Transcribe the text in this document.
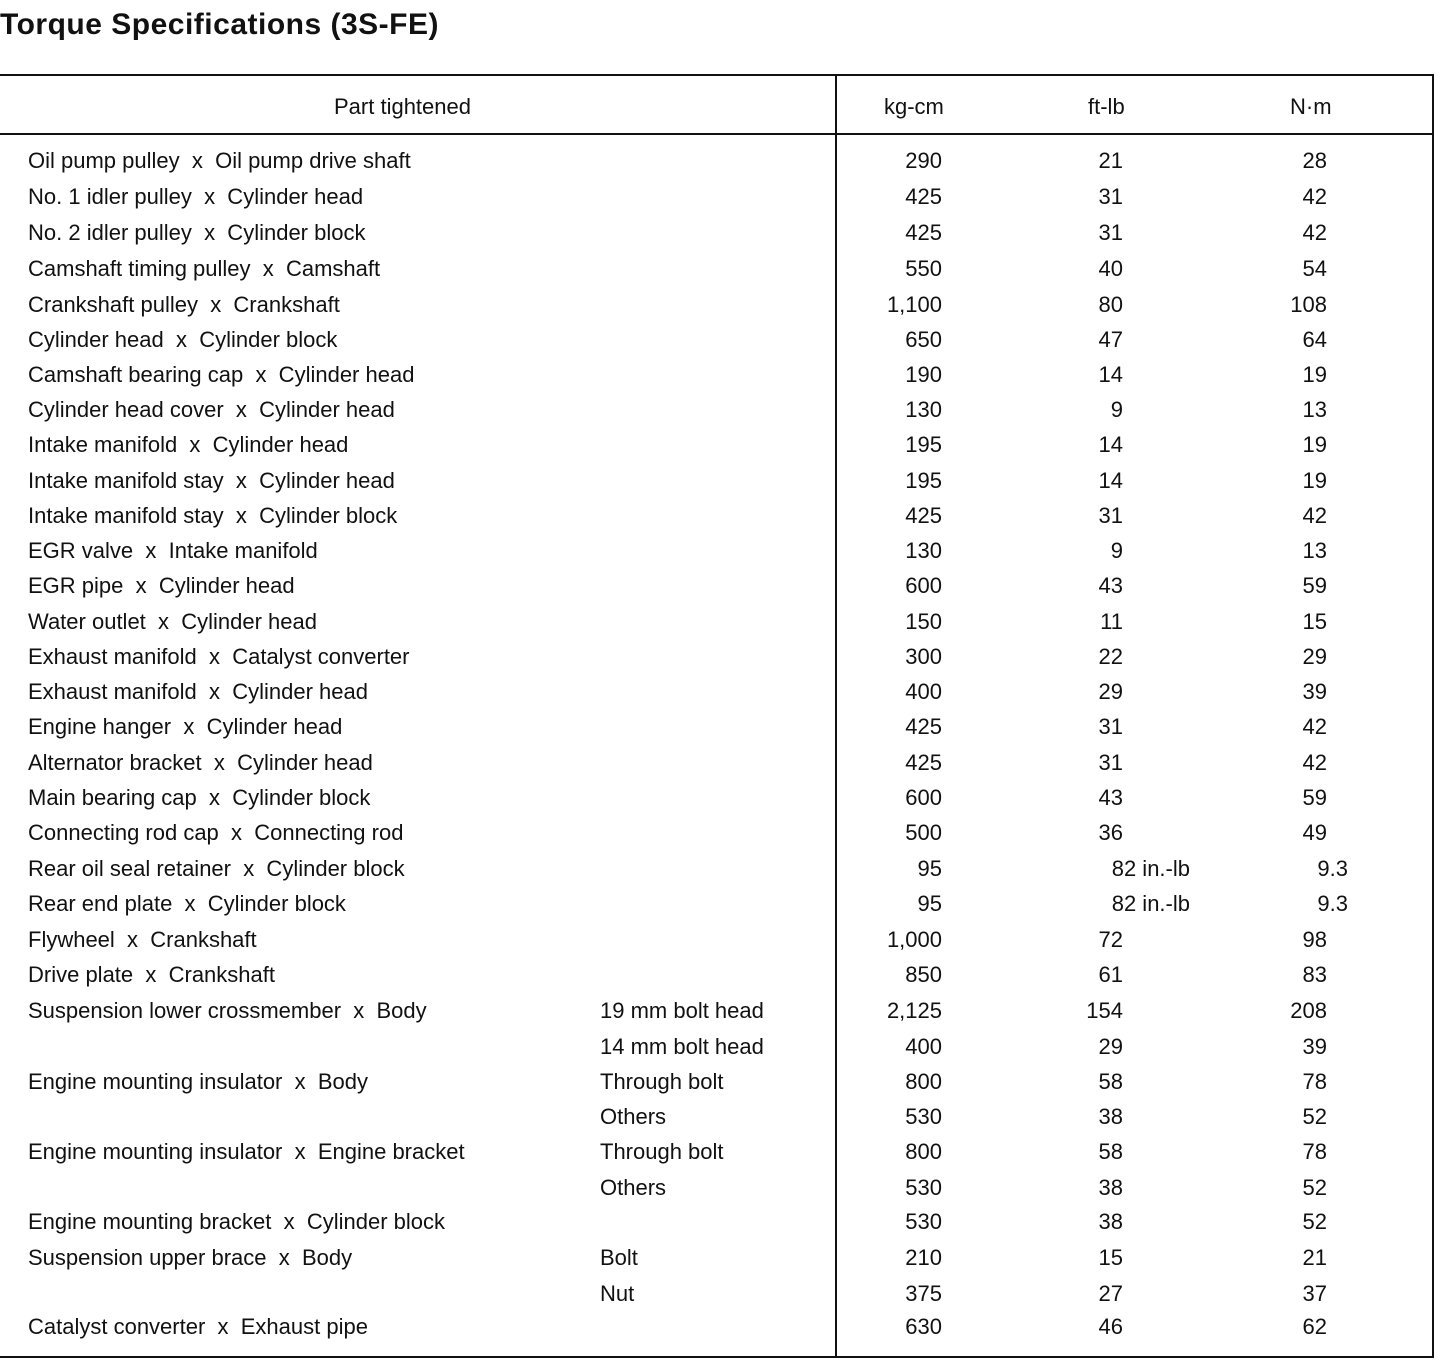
Torque Specifications (3S-FE)
Part tightened	kg-cm	ft-lb	N·m
Oil pump pulley  x  Oil pump drive shaft	290	21	28
No. 1 idler pulley  x  Cylinder head	425	31	42
No. 2 idler pulley  x  Cylinder block	425	31	42
Camshaft timing pulley  x  Camshaft	550	40	54
Crankshaft pulley  x  Crankshaft	1,100	80	108
Cylinder head  x  Cylinder block	650	47	64
Camshaft bearing cap  x  Cylinder head	190	14	19
Cylinder head cover  x  Cylinder head	130	9	13
Intake manifold  x  Cylinder head	195	14	19
Intake manifold stay  x  Cylinder head	195	14	19
Intake manifold stay  x  Cylinder block	425	31	42
EGR valve  x  Intake manifold	130	9	13
EGR pipe  x  Cylinder head	600	43	59
Water outlet  x  Cylinder head	150	11	15
Exhaust manifold  x  Catalyst converter	300	22	29
Exhaust manifold  x  Cylinder head	400	29	39
Engine hanger  x  Cylinder head	425	31	42
Alternator bracket  x  Cylinder head	425	31	42
Main bearing cap  x  Cylinder block	600	43	59
Connecting rod cap  x  Connecting rod	500	36	49
Rear oil seal retainer  x  Cylinder block	95	82 in.-lb	9.3
Rear end plate  x  Cylinder block	95	82 in.-lb	9.3
Flywheel  x  Crankshaft	1,000	72	98
Drive plate  x  Crankshaft	850	61	83
Suspension lower crossmember  x  Body	19 mm bolt head	2,125	154	208
14 mm bolt head	400	29	39
Engine mounting insulator  x  Body	Through bolt	800	58	78
Others	530	38	52
Engine mounting insulator  x  Engine bracket	Through bolt	800	58	78
Others	530	38	52
Engine mounting bracket  x  Cylinder block	530	38	52
Suspension upper brace  x  Body	Bolt	210	15	21
Nut	375	27	37
Catalyst converter  x  Exhaust pipe	630	46	62
